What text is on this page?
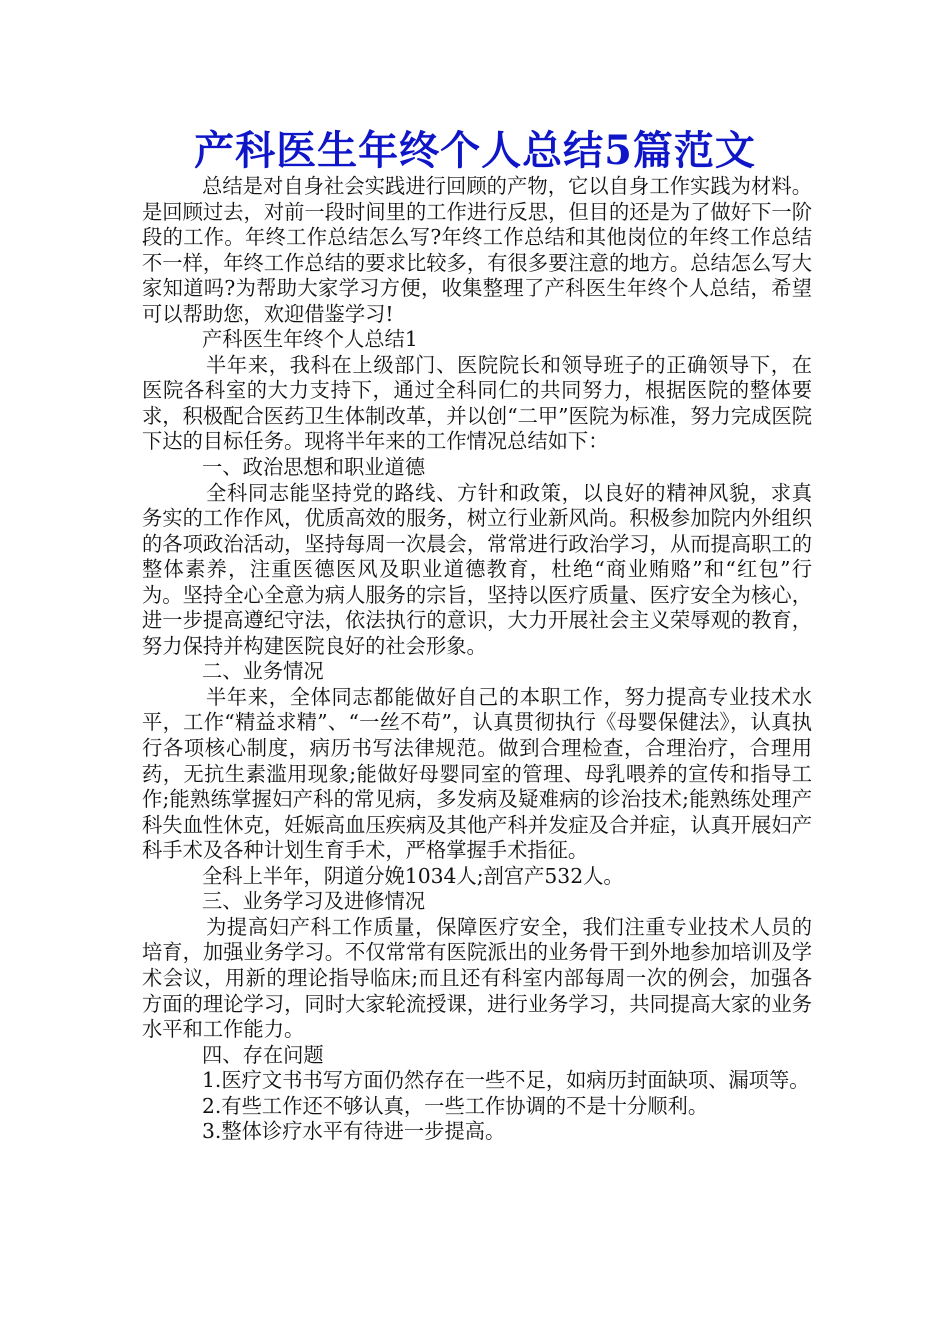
产科医生年终个人总结5篇范文

总结是对自身社会实践进行回顾的产物，它以自身工作实践为材料。是回顾过去，对前一段时间里的工作进行反思，但目的还是为了做好下一阶段的工作。年终工作总结怎么写?年终工作总结和其他岗位的年终工作总结不一样，年终工作总结的要求比较多，有很多要注意的地方。总结怎么写大家知道吗?为帮助大家学习方便，收集整理了产科医生年终个人总结，希望可以帮助您，欢迎借鉴学习!

产科医生年终个人总结1

半年来，我科在上级部门、医院院长和领导班子的正确领导下，在医院各科室的大力支持下，通过全科同仁的共同努力，根据医院的整体要求，积极配合医药卫生体制改革，并以创“二甲”医院为标准，努力完成医院下达的目标任务。现将半年来的工作情况总结如下：

一、政治思想和职业道德

全科同志能坚持党的路线、方针和政策，以良好的精神风貌，求真务实的工作作风，优质高效的服务，树立行业新风尚。积极参加院内外组织的各项政治活动，坚持每周一次晨会，常常进行政治学习，从而提高职工的整体素养，注重医德医风及职业道德教育，杜绝“商业贿赂”和“红包”行为。坚持全心全意为病人服务的宗旨，坚持以医疗质量、医疗安全为核心，进一步提高遵纪守法，依法执行的意识，大力开展社会主义荣辱观的教育，努力保持并构建医院良好的社会形象。

二、业务情况

半年来，全体同志都能做好自己的本职工作，努力提高专业技术水平，工作“精益求精”、“一丝不苟”，认真贯彻执行《母婴保健法》，认真执行各项核心制度，病历书写法律规范。做到合理检查，合理治疗，合理用药，无抗生素滥用现象;能做好母婴同室的管理、母乳喂养的宣传和指导工作;能熟练掌握妇产科的常见病，多发病及疑难病的诊治技术;能熟练处理产科失血性休克，妊娠高血压疾病及其他产科并发症及合并症，认真开展妇产科手术及各种计划生育手术，严格掌握手术指征。

全科上半年，阴道分娩1034人;剖宫产532人。

三、业务学习及进修情况

为提高妇产科工作质量，保障医疗安全，我们注重专业技术人员的培育，加强业务学习。不仅常常有医院派出的业务骨干到外地参加培训及学术会议，用新的理论指导临床;而且还有科室内部每周一次的例会，加强各方面的理论学习，同时大家轮流授课，进行业务学习，共同提高大家的业务水平和工作能力。

四、存在问题

1.医疗文书书写方面仍然存在一些不足，如病历封面缺项、漏项等。

2.有些工作还不够认真，一些工作协调的不是十分顺利。

3.整体诊疗水平有待进一步提高。
